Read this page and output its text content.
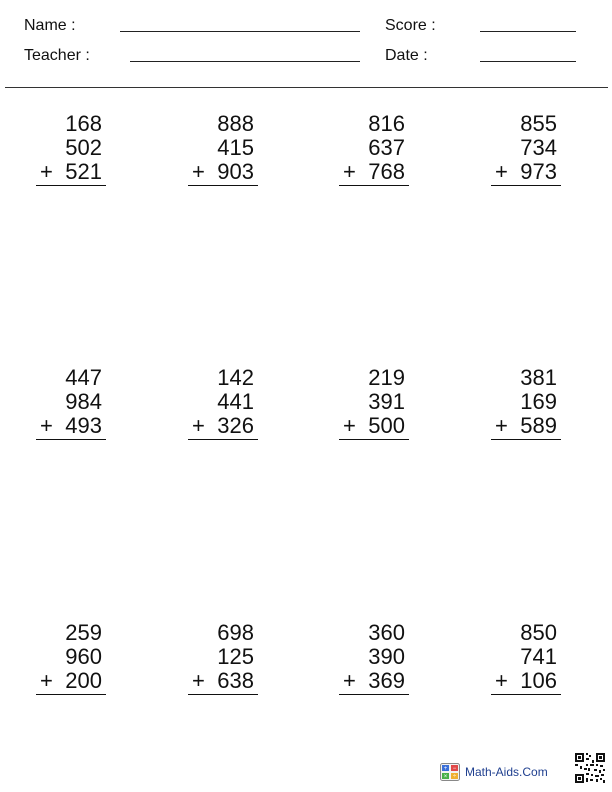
Name :	Score :
Teacher :	Date :
168
502
+ 521
888
415
+ 903
816
637
+ 768
855
734
+ 973
447
984
+ 493
142
441
+ 326
219
391
+ 500
381
169
+ 589
259
960
+ 200
698
125
+ 638
360
390
+ 369
850
741
+ 106
+ −
× ÷ Math-Aids.Com
